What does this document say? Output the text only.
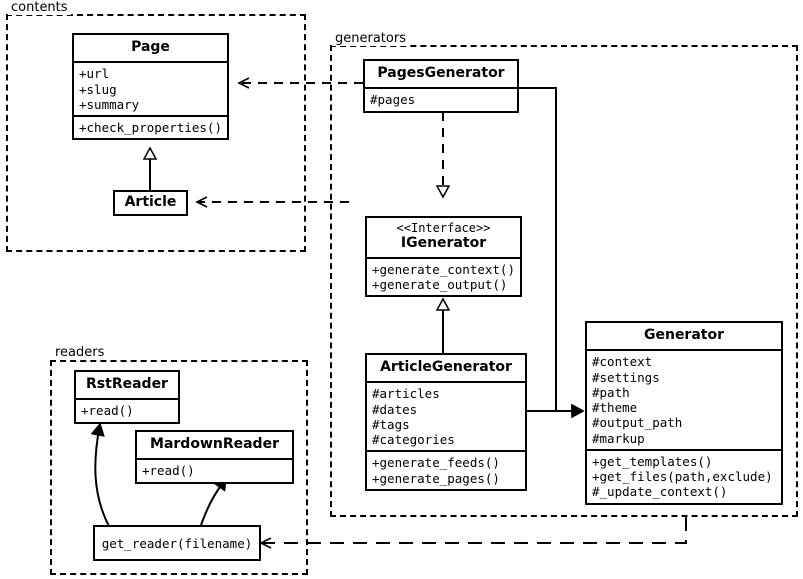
contents
generators
readers
Page
+url
+slug
+summary
+check_properties()
Article
PagesGenerator
#pages
<<Interface>>
IGenerator
+generate_context()
+generate_output()
ArticleGenerator
#articles
#dates
#tags
#categories
+generate_feeds()
+generate_pages()
Generator
#context
#settings
#path
#theme
#output_path
#markup
+get_templates()
+get_files(path,exclude)
#_update_context()
RstReader
+read()
MardownReader
+read()
get_reader(filename)
